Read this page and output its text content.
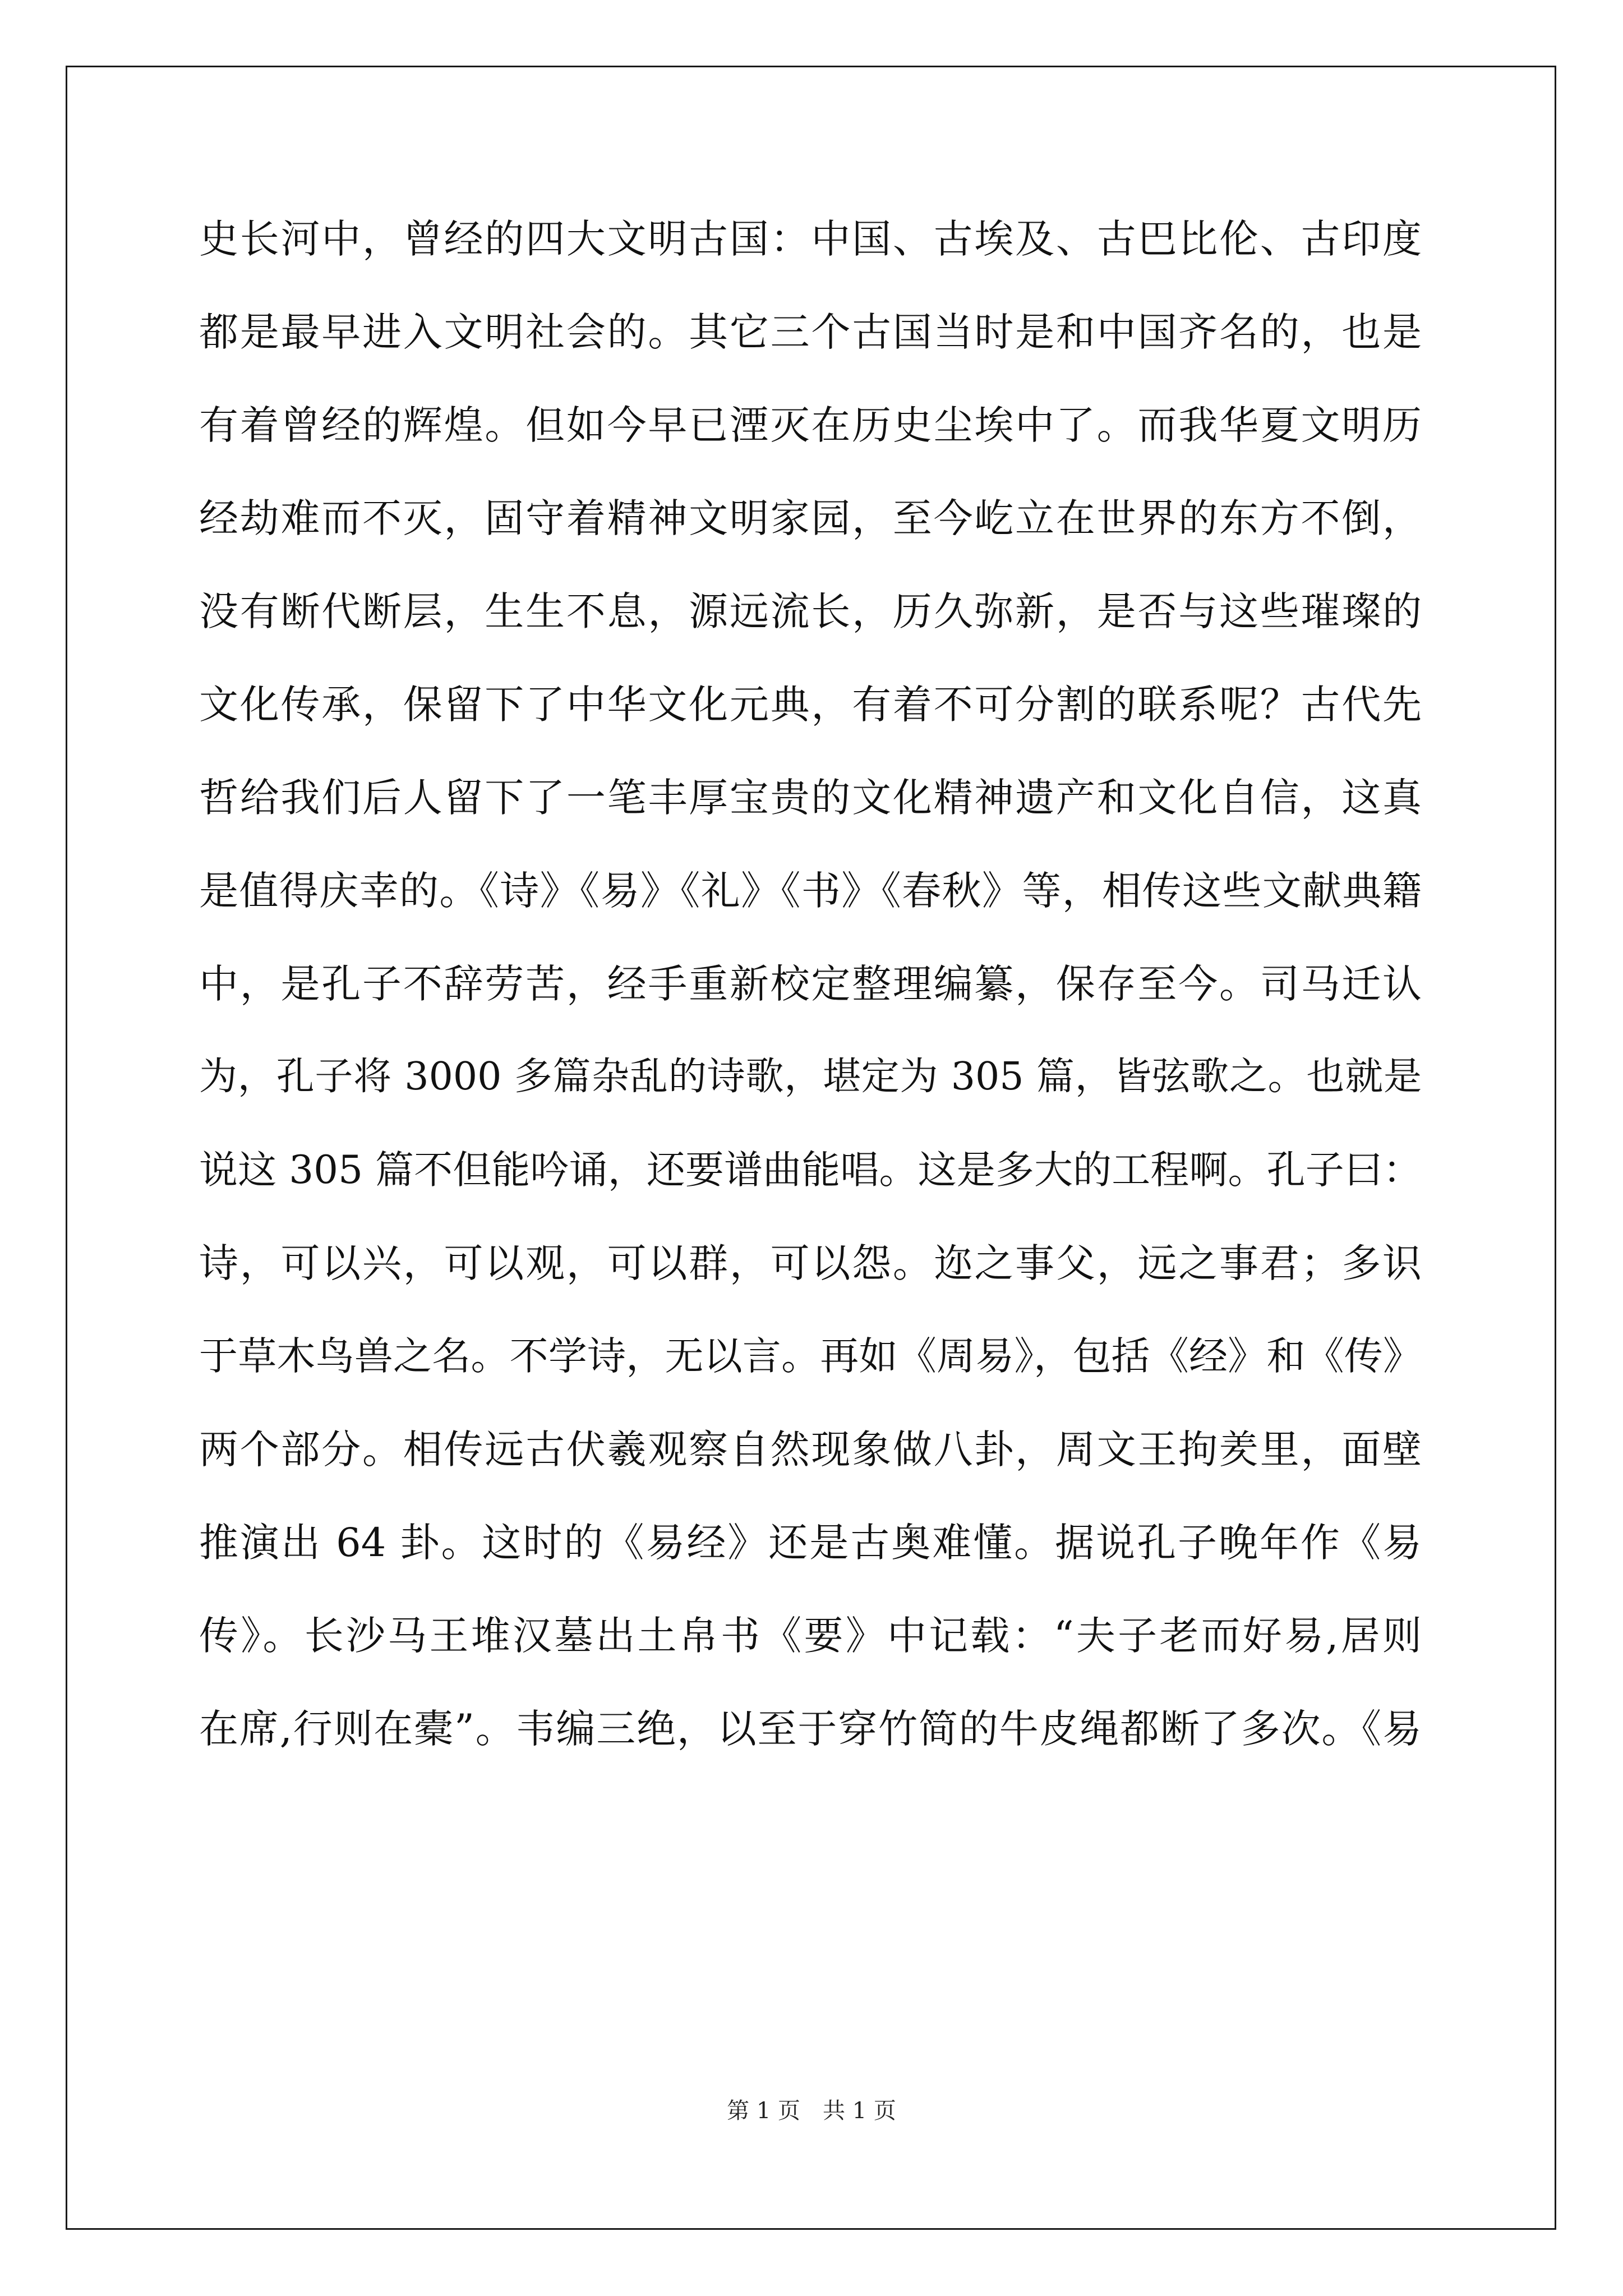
史长河中，曾经的四大文明古国：中国、古埃及、古巴比伦、古印度
都是最早进入文明社会的。其它三个古国当时是和中国齐名的，也是
有着曾经的辉煌。但如今早已湮灭在历史尘埃中了。而我华夏文明历
经劫难而不灭，固守着精神文明家园，至今屹立在世界的东方不倒，
没有断代断层，生生不息，源远流长，历久弥新，是否与这些璀璨的
文化传承，保留下了中华文化元典，有着不可分割的联系呢？古代先
哲给我们后人留下了一笔丰厚宝贵的文化精神遗产和文化自信，这真
是值得庆幸的。《诗》《易》《礼》《书》《春秋》等，相传这些文献典籍
中，是孔子不辞劳苦，经手重新校定整理编纂，保存至今。司马迁认
为，孔子将 3000 多篇杂乱的诗歌，堪定为 305 篇，皆弦歌之。也就是
说这 305 篇不但能吟诵，还要谱曲能唱。这是多大的工程啊。孔子曰：
诗，可以兴，可以观，可以群，可以怨。迩之事父，远之事君；多识
于草木鸟兽之名。不学诗，无以言。再如《周易》，包括《经》和《传》
两个部分。相传远古伏羲观察自然现象做八卦，周文王拘羑里，面壁
推演出 64 卦。这时的《易经》还是古奥难懂。据说孔子晚年作《易
传》。长沙马王堆汉墓出土帛书《要》中记载：“夫子老而好易,居则
在席,行则在橐”。韦编三绝，以至于穿竹简的牛皮绳都断了多次。《易
第 1 页 共 1 页
